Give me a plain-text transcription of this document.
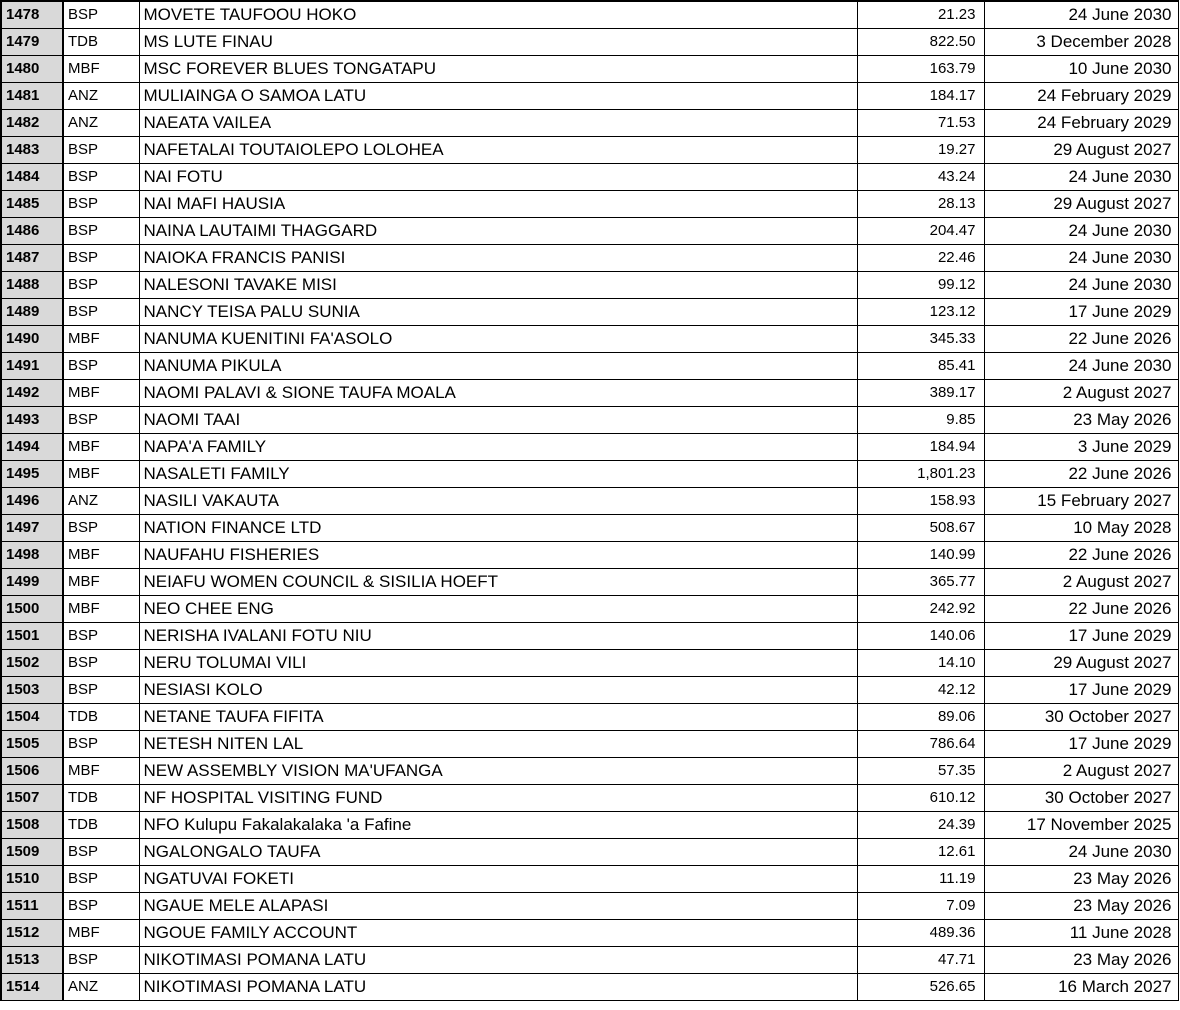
1478	BSP	MOVETE TAUFOOU HOKO	21.23	24 June 2030
1479	TDB	MS LUTE FINAU	822.50	3 December 2028
1480	MBF	MSC FOREVER BLUES TONGATAPU	163.79	10 June 2030
1481	ANZ	MULIAINGA O SAMOA LATU	184.17	24 February 2029
1482	ANZ	NAEATA VAILEA	71.53	24 February 2029
1483	BSP	NAFETALAI TOUTAIOLEPO LOLOHEA	19.27	29 August 2027
1484	BSP	NAI FOTU	43.24	24 June 2030
1485	BSP	NAI MAFI HAUSIA	28.13	29 August 2027
1486	BSP	NAINA LAUTAIMI THAGGARD	204.47	24 June 2030
1487	BSP	NAIOKA FRANCIS PANISI	22.46	24 June 2030
1488	BSP	NALESONI TAVAKE MISI	99.12	24 June 2030
1489	BSP	NANCY TEISA PALU SUNIA	123.12	17 June 2029
1490	MBF	NANUMA KUENITINI FA'ASOLO	345.33	22 June 2026
1491	BSP	NANUMA PIKULA	85.41	24 June 2030
1492	MBF	NAOMI PALAVI & SIONE TAUFA MOALA	389.17	2 August 2027
1493	BSP	NAOMI TAAI	9.85	23 May 2026
1494	MBF	NAPA'A FAMILY	184.94	3 June 2029
1495	MBF	NASALETI FAMILY	1,801.23	22 June 2026
1496	ANZ	NASILI VAKAUTA	158.93	15 February 2027
1497	BSP	NATION FINANCE LTD	508.67	10 May 2028
1498	MBF	NAUFAHU FISHERIES	140.99	22 June 2026
1499	MBF	NEIAFU WOMEN COUNCIL & SISILIA HOEFT	365.77	2 August 2027
1500	MBF	NEO CHEE ENG	242.92	22 June 2026
1501	BSP	NERISHA IVALANI FOTU NIU	140.06	17 June 2029
1502	BSP	NERU TOLUMAI VILI	14.10	29 August 2027
1503	BSP	NESIASI KOLO	42.12	17 June 2029
1504	TDB	NETANE TAUFA FIFITA	89.06	30 October 2027
1505	BSP	NETESH NITEN LAL	786.64	17 June 2029
1506	MBF	NEW ASSEMBLY VISION MA'UFANGA	57.35	2 August 2027
1507	TDB	NF HOSPITAL VISITING FUND	610.12	30 October 2027
1508	TDB	NFO Kulupu Fakalakalaka 'a Fafine	24.39	17 November 2025
1509	BSP	NGALONGALO TAUFA	12.61	24 June 2030
1510	BSP	NGATUVAI FOKETI	11.19	23 May 2026
1511	BSP	NGAUE MELE ALAPASI	7.09	23 May 2026
1512	MBF	NGOUE FAMILY ACCOUNT	489.36	11 June 2028
1513	BSP	NIKOTIMASI POMANA LATU	47.71	23 May 2026
1514	ANZ	NIKOTIMASI POMANA LATU	526.65	16 March 2027
